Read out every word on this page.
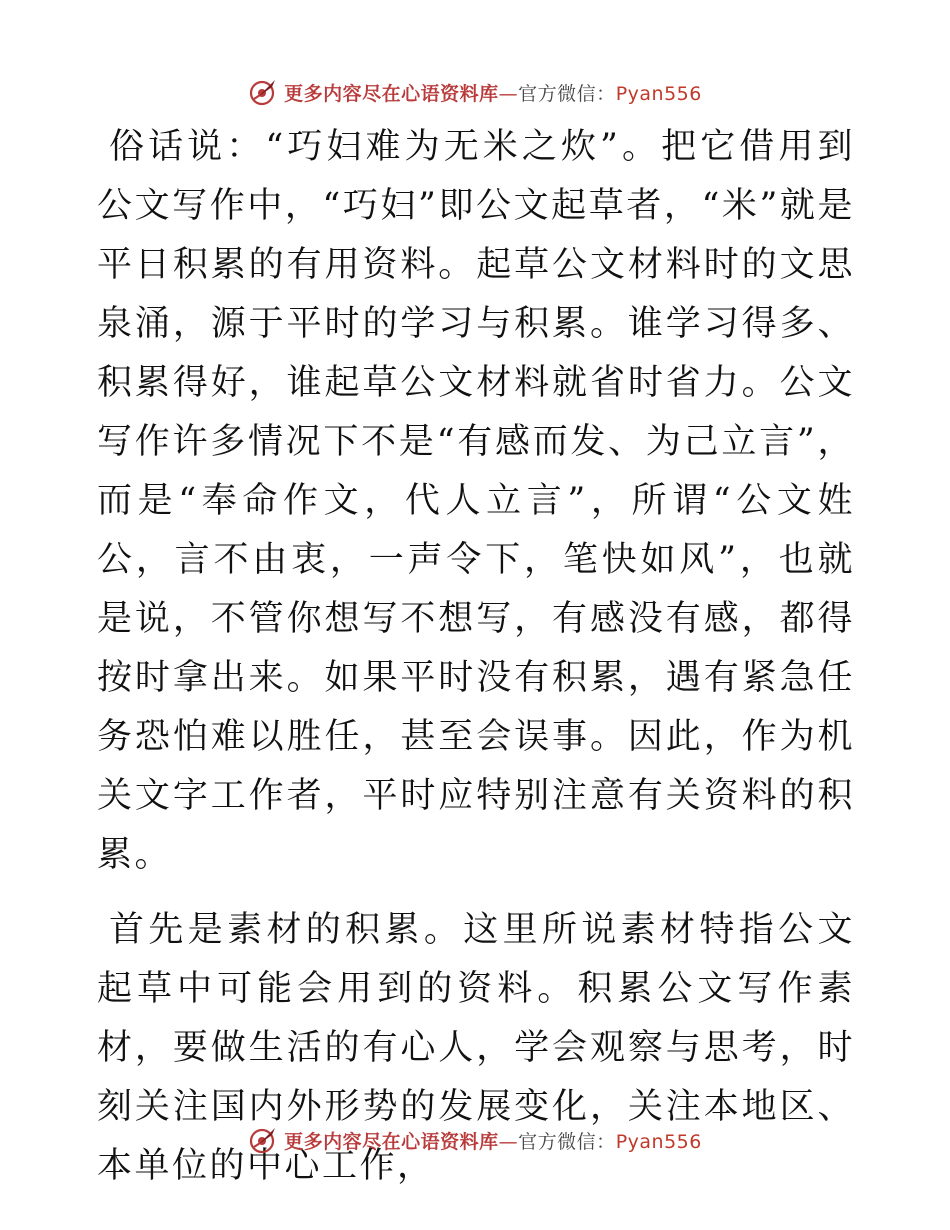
更多内容尽在心语资料库—官方微信：Pyan556

俗话说：“巧妇难为无米之炊”。把它借用到公文写作中，“巧妇”即公文起草者，“米”就是平日积累的有用资料。起草公文材料时的文思泉涌，源于平时的学习与积累。谁学习得多、积累得好，谁起草公文材料就省时省力。公文写作许多情况下不是“有感而发、为己立言”，而是“奉命作文，代人立言”，所谓“公文姓公，言不由衷，一声令下，笔快如风”，也就是说，不管你想写不想写，有感没有感，都得按时拿出来。如果平时没有积累，遇有紧急任务恐怕难以胜任，甚至会误事。因此，作为机关文字工作者，平时应特别注意有关资料的积累。

首先是素材的积累。这里所说素材特指公文起草中可能会用到的资料。积累公文写作素材，要做生活的有心人，学会观察与思考，时刻关注国内外形势的发展变化，关注本地区、本单位的中心工作，

更多内容尽在心语资料库—官方微信：Pyan556
